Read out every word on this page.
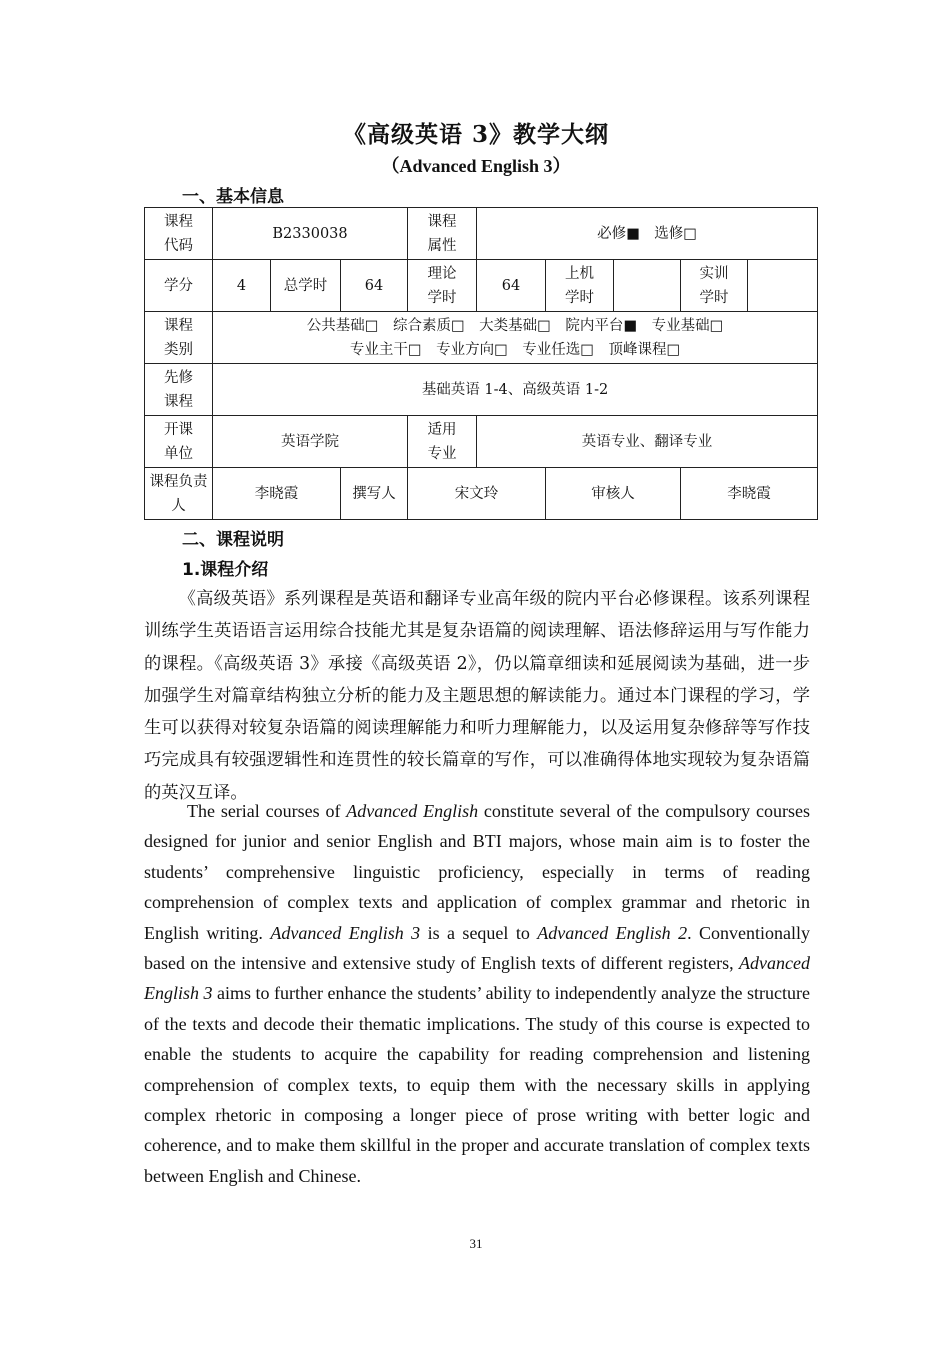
《高级英语 3》教学大纲
（Advanced English 3）
一、基本信息
课程代码	B2330038			课程属性	必修■　选修□				
学分	4	总学时	64	理论学时	64	上机学时		实训学时	
课程类别	公共基础□　综合素质□　大类基础□　院内平台■　专业基础□
专业主干□　专业方向□　专业任选□　顶峰课程□								

先修课程	基础英语 1-4、高级英语 1-2								
开课单位	英语学院			适用专业	英语专业、翻译专业				
课程负责人	李晓霞		撰写人	宋文玲		审核人		李晓霞	
二、课程说明
1.课程介绍

《高级英语》系列课程是英语和翻译专业高年级的院内平台必修课程。该系列课程训练学生英语语言运用综合技能尤其是复杂语篇的阅读理解、语法修辞运用与写作能力的课程。《高级英语 3》承接《高级英语 2》，仍以篇章细读和延展阅读为基础，进一步加强学生对篇章结构独立分析的能力及主题思想的解读能力。通过本门课程的学习，学生可以获得对较复杂语篇的阅读理解能力和听力理解能力，以及运用复杂修辞等写作技巧完成具有较强逻辑性和连贯性的较长篇章的写作，可以准确得体地实现较为复杂语篇的英汉互译。

The serial courses of Advanced English constitute several of the compulsory courses designed for junior and senior English and BTI majors, whose main aim is to foster the students’ comprehensive linguistic proficiency, especially in terms of reading comprehension of complex texts and application of complex grammar and rhetoric in English writing. Advanced English 3 is a sequel to Advanced English 2. Conventionally based on the intensive and extensive study of English texts of different registers, Advanced English 3 aims to further enhance the students’ ability to independently analyze the structure of the texts and decode their thematic implications. The study of this course is expected to enable the students to acquire the capability for reading comprehension and listening comprehension of complex texts, to equip them with the necessary skills in applying complex rhetoric in composing a longer piece of prose writing with better logic and coherence, and to make them skillful in the proper and accurate translation of complex texts between English and Chinese.

31
